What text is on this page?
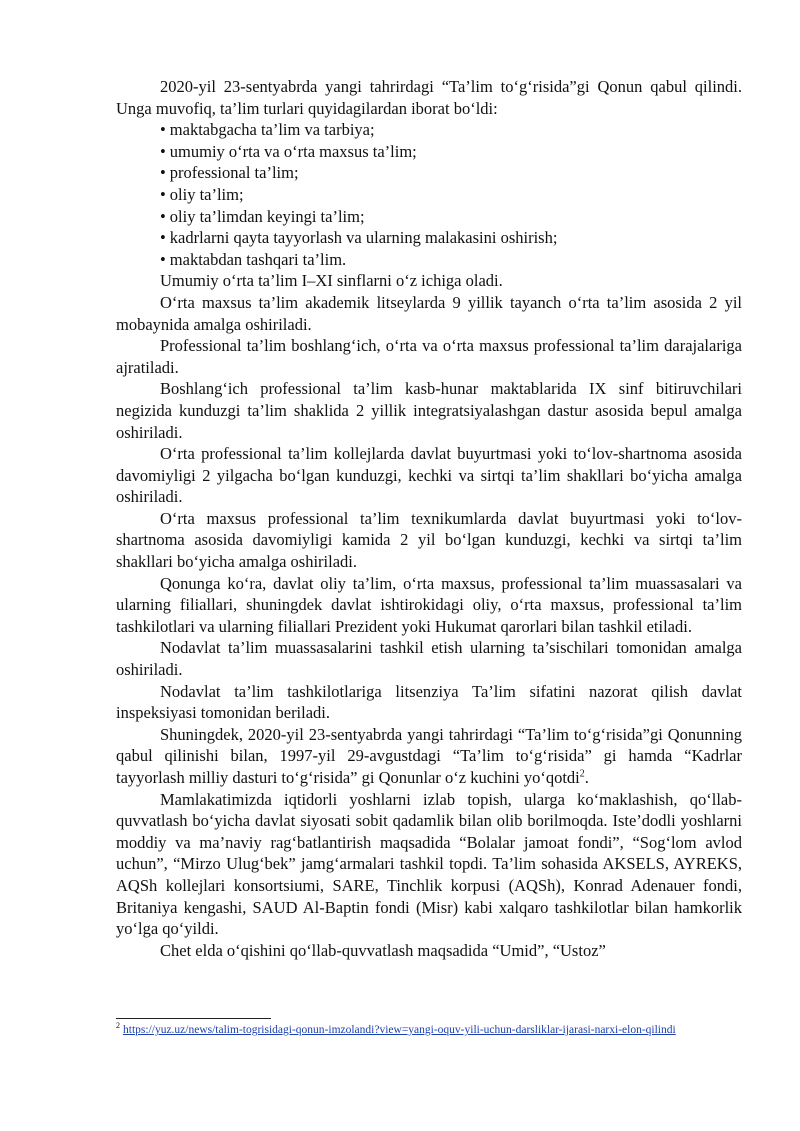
2020-yil 23-sentyabrda yangi tahrirdagi “Ta’lim to‘g‘risida”gi Qonun qabul qilindi. Unga muvofiq, ta’lim turlari quyidagilardan iborat bo‘ldi:

• maktabgacha ta’lim va tarbiya;
• umumiy o‘rta va o‘rta maxsus ta’lim;
• professional ta’lim;
• oliy ta’lim;
• oliy ta’limdan keyingi ta’lim;
• kadrlarni qayta tayyorlash va ularning malakasini oshirish;
• maktabdan tashqari ta’lim.

Umumiy o‘rta ta’lim I–XI sinflarni o‘z ichiga oladi.

O‘rta maxsus ta’lim akademik litseylarda 9 yillik tayanch o‘rta ta’lim asosida 2 yil mobaynida amalga oshiriladi.

Professional ta’lim boshlang‘ich, o‘rta va o‘rta maxsus professional ta’lim darajalariga ajratiladi.

Boshlang‘ich professional ta’lim kasb-hunar maktablarida IX sinf bitiruvchilari negizida kunduzgi ta’lim shaklida 2 yillik integratsiyalashgan dastur asosida bepul amalga oshiriladi.

O‘rta professional ta’lim kollejlarda davlat buyurtmasi yoki to‘lov-shartnoma asosida davomiyligi 2 yilgacha bo‘lgan kunduzgi, kechki va sirtqi ta’lim shakllari bo‘yicha amalga oshiriladi.

O‘rta maxsus professional ta’lim texnikumlarda davlat buyurtmasi yoki to‘lov-shartnoma asosida davomiyligi kamida 2 yil bo‘lgan kunduzgi, kechki va sirtqi ta’lim shakllari bo‘yicha amalga oshiriladi.

Qonunga ko‘ra, davlat oliy ta’lim, o‘rta maxsus, professional ta’lim muassasalari va ularning filiallari, shuningdek davlat ishtirokidagi oliy, o‘rta maxsus, professional ta’lim tashkilotlari va ularning filiallari Prezident yoki Hukumat qarorlari bilan tashkil etiladi.

Nodavlat ta’lim muassasalarini tashkil etish ularning ta’sischilari tomonidan amalga oshiriladi.

Nodavlat ta’lim tashkilotlariga litsenziya Ta’lim sifatini nazorat qilish davlat inspeksiyasi tomonidan beriladi.

Shuningdek, 2020-yil 23-sentyabrda yangi tahrirdagi “Ta’lim to‘g‘risida”gi Qonunning qabul qilinishi bilan, 1997-yil 29-avgustdagi “Ta’lim to‘g‘risida” gi hamda “Kadrlar tayyorlash milliy dasturi to‘g‘risida” gi Qonunlar o‘z kuchini yo‘qotdi$^2$.

Mamlakatimizda iqtidorli yoshlarni izlab topish, ularga ko‘maklashish, qo‘llab-quvvatlash bo‘yicha davlat siyosati sobit qadamlik bilan olib borilmoqda. Iste’dodli yoshlarni moddiy va ma’naviy rag‘batlantirish maqsadida “Bolalar jamoat fondi”, “Sog‘lom avlod uchun”, “Mirzo Ulug‘bek” jamg‘armalari tashkil topdi. Ta’lim sohasida AKSELS, AYREKS, AQSh kollejlari konsortsiumi, SARE, Tinchlik korpusi (AQSh), Konrad Adenauer fondi, Britaniya kengashi, SAUD Al-Baptin fondi (Misr) kabi xalqaro tashkilotlar bilan hamkorlik yo‘lga qo‘yildi.

Chet elda o‘qishini qo‘llab-quvvatlash maqsadida “Umid”, “Ustoz”

$^2$ https://yuz.uz/news/talim-togrisidagi-qonun-imzolandi?view=yangi-oquv-yili-uchun-darsliklar-ijarasi-narxi-elon-qilindi
